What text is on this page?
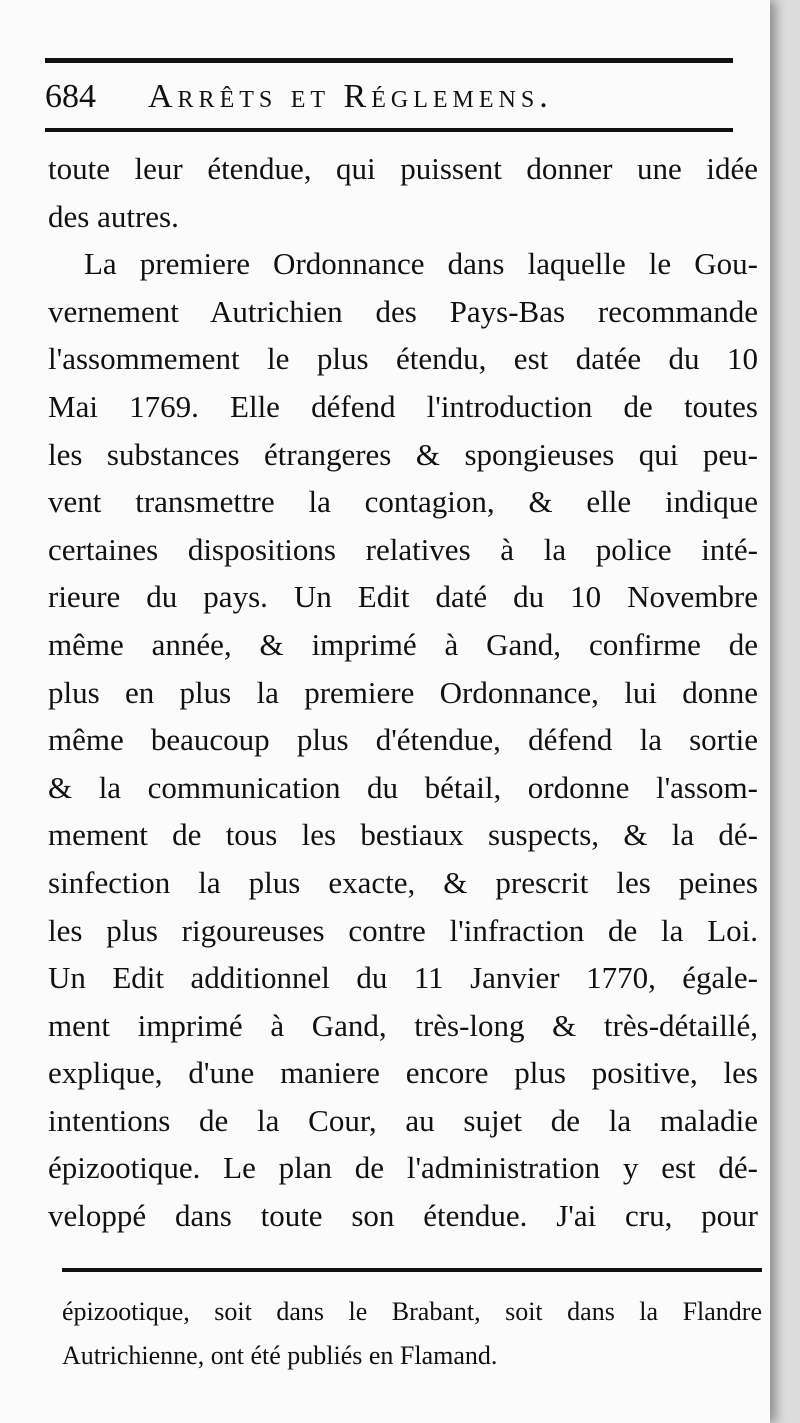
684 Arrêts et Réglemens.
toute leur étendue, qui puissent donner une idée
des autres.
La premiere Ordonnance dans laquelle le Gou-
vernement Autrichien des Pays-Bas recommande
l'assommement le plus étendu, est datée du 10
Mai 1769. Elle défend l'introduction de toutes
les substances étrangeres & spongieuses qui peu-
vent transmettre la contagion, & elle indique
certaines dispositions relatives à la police inté-
rieure du pays. Un Edit daté du 10 Novembre
même année, & imprimé à Gand, confirme de
plus en plus la premiere Ordonnance, lui donne
même beaucoup plus d'étendue, défend la sortie
& la communication du bétail, ordonne l'assom-
mement de tous les bestiaux suspects, & la dé-
sinfection la plus exacte, & prescrit les peines
les plus rigoureuses contre l'infraction de la Loi.
Un Edit additionnel du 11 Janvier 1770, égale-
ment imprimé à Gand, très-long & très-détaillé,
explique, d'une maniere encore plus positive, les
intentions de la Cour, au sujet de la maladie
épizootique. Le plan de l'administration y est dé-
veloppé dans toute son étendue. J'ai cru, pour
épizootique, soit dans le Brabant, soit dans la Flandre
Autrichienne, ont été publiés en Flamand.
